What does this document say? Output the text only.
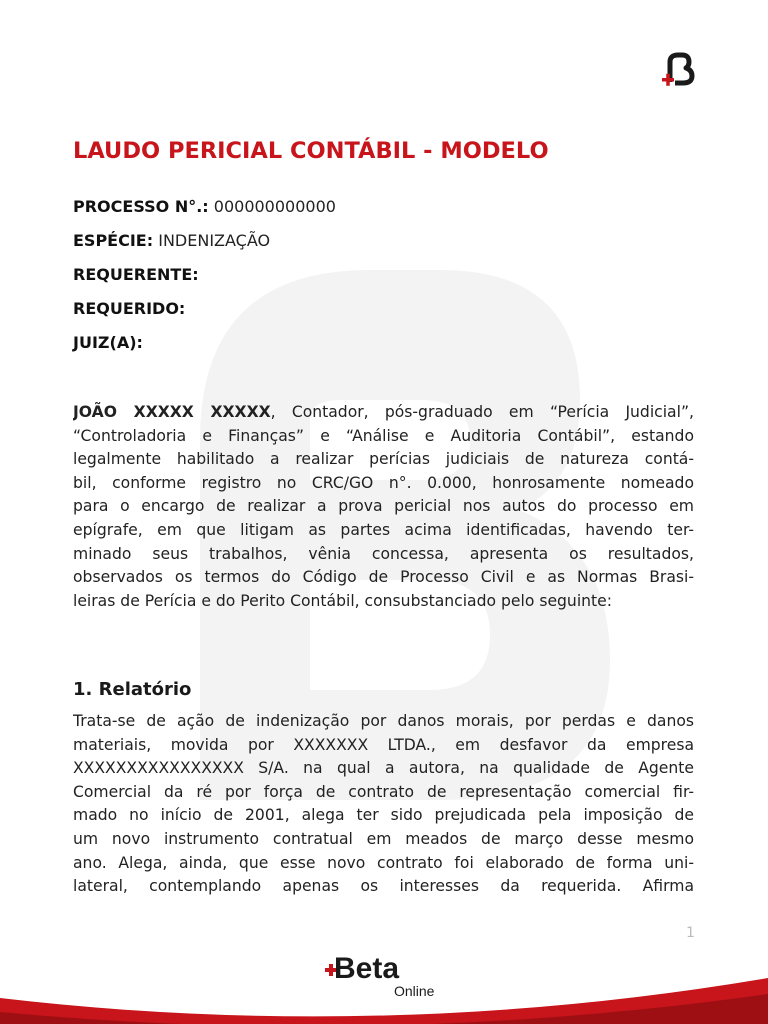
LAUDO PERICIAL CONTÁBIL - MODELO
PROCESSO N°.: 000000000000
ESPÉCIE: INDENIZAÇÃO
REQUERENTE:
REQUERIDO:
JUIZ(A):
JOÃO XXXXX XXXXX, Contador, pós-graduado em “Perícia Judicial”,
“Controladoria e Finanças” e “Análise e Auditoria Contábil”, estando
legalmente habilitado a realizar perícias judiciais de natureza contá-
bil, conforme registro no CRC/GO n°. 0.000, honrosamente nomeado
para o encargo de realizar a prova pericial nos autos do processo em
epígrafe, em que litigam as partes acima identificadas, havendo ter-
minado seus trabalhos, vênia concessa, apresenta os resultados,
observados os termos do Código de Processo Civil e as Normas Brasi-
leiras de Perícia e do Perito Contábil, consubstanciado pelo seguinte:
1. Relatório
Trata-se de ação de indenização por danos morais, por perdas e danos
materiais, movida por XXXXXXX LTDA., em desfavor da empresa
XXXXXXXXXXXXXXXX S/A. na qual a autora, na qualidade de Agente
Comercial da ré por força de contrato de representação comercial fir-
mado no início de 2001, alega ter sido prejudicada pela imposição de
um novo instrumento contratual em meados de março desse mesmo
ano. Alega, ainda, que esse novo contrato foi elaborado de forma uni-
lateral, contemplando apenas os interesses da requerida. Afirma
1
Beta
Online
